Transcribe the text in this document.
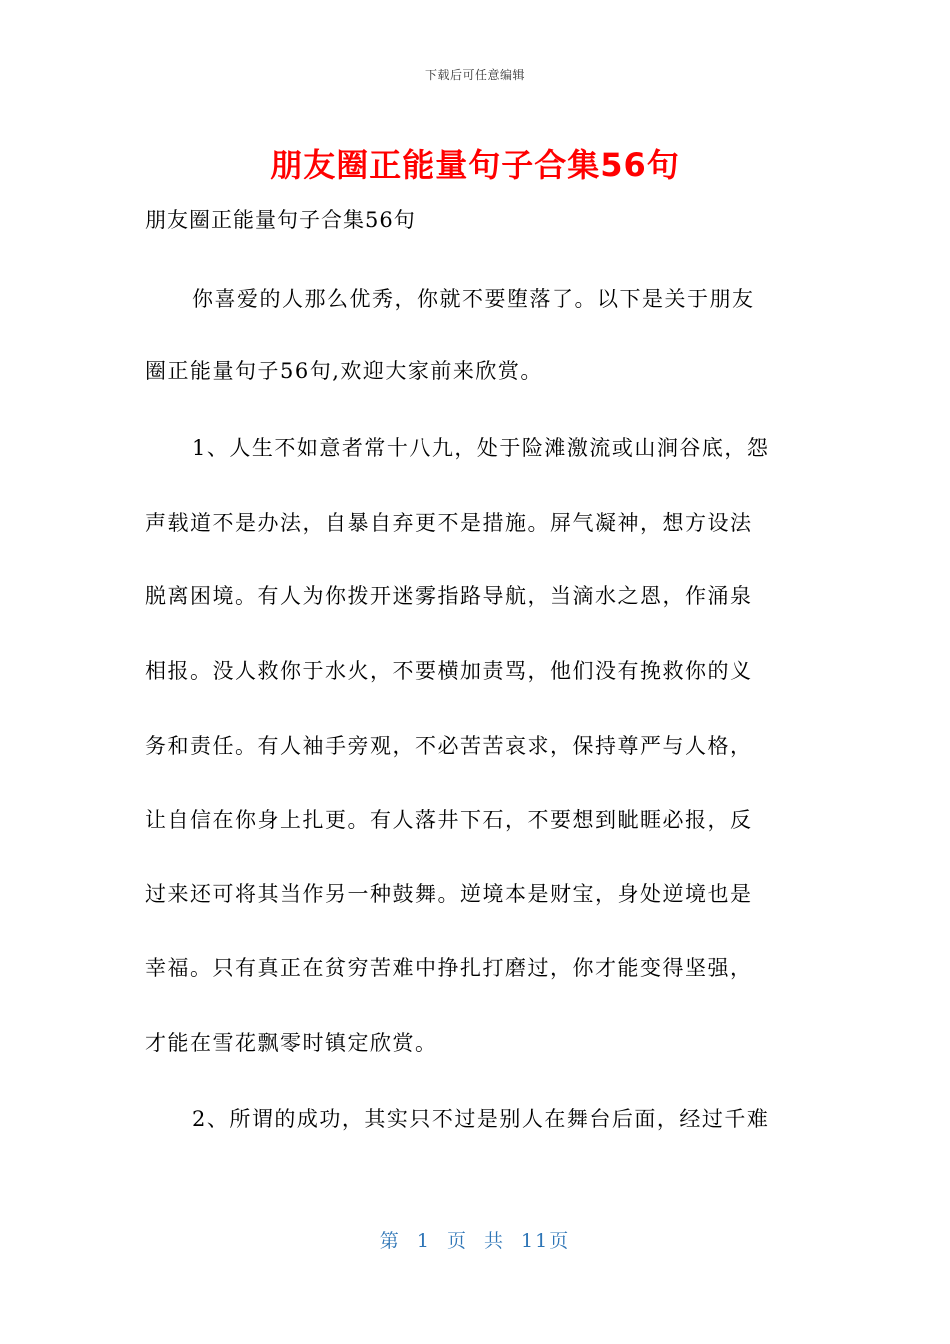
下载后可任意编辑
朋友圈正能量句子合集56句
朋友圈正能量句子合集56句
你喜爱的人那么优秀，你就不要堕落了。以下是关于朋友
圈正能量句子56句,欢迎大家前来欣赏。
1、人生不如意者常十八九，处于险滩激流或山涧谷底，怨
声载道不是办法，自暴自弃更不是措施。屏气凝神，想方设法
脱离困境。有人为你拨开迷雾指路导航，当滴水之恩，作涌泉
相报。没人救你于水火，不要横加责骂，他们没有挽救你的义
务和责任。有人袖手旁观，不必苦苦哀求，保持尊严与人格，
让自信在你身上扎更。有人落井下石，不要想到眦睚必报，反
过来还可将其当作另一种鼓舞。逆境本是财宝，身处逆境也是
幸福。只有真正在贫穷苦难中挣扎打磨过，你才能变得坚强，
才能在雪花飘零时镇定欣赏。
2、所谓的成功，其实只不过是别人在舞台后面，经过千难
第 1 页 共 11页
